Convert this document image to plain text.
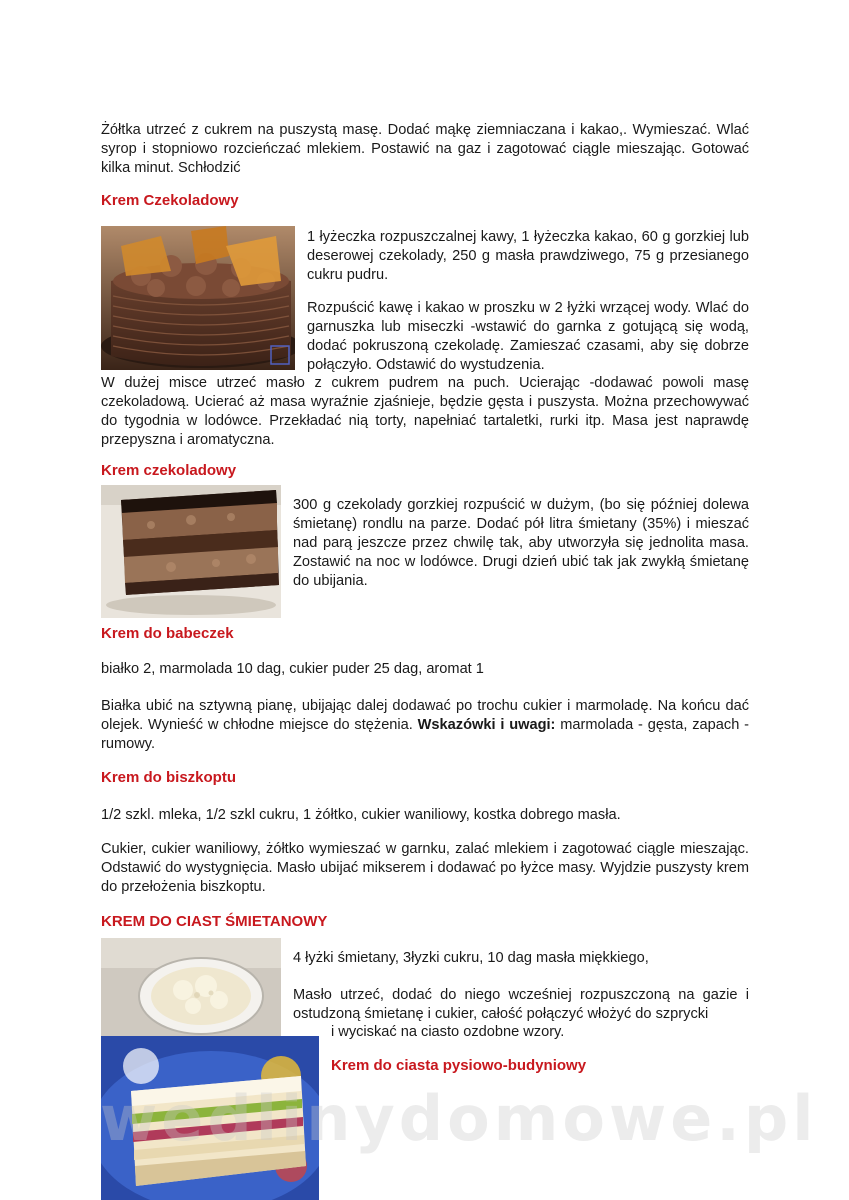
Żółtka utrzeć z cukrem na puszystą masę. Dodać mąkę ziemniaczana i kakao,. Wymieszać. Wlać syrop i stopniowo rozcieńczać mlekiem. Postawić na gaz i zagotować ciągle mieszając. Gotować kilka minut. Schłodzić
Krem Czekoladowy
1 łyżeczka rozpuszczalnej kawy, 1 łyżeczka kakao, 60 g gorzkiej lub deserowej czekolady, 250 g masła prawdziwego, 75 g przesianego cukru pudru.
Rozpuścić kawę i kakao w proszku w 2 łyżki wrzącej wody. Wlać do garnuszka lub miseczki -wstawić do garnka z gotującą się wodą, dodać pokruszoną czekoladę. Zamieszać czasami, aby się dobrze połączyło. Odstawić do wystudzenia.
W dużej misce utrzeć masło z cukrem pudrem na puch. Ucierając -dodawać powoli masę czekoladową. Ucierać aż masa wyraźnie zjaśnieje, będzie gęsta i puszysta. Można przechowywać do tygodnia w lodówce. Przekładać nią torty, napełniać tartaletki, rurki itp. Masa jest naprawdę przepyszna i aromatyczna.
Krem czekoladowy
300 g czekolady gorzkiej rozpuścić w dużym, (bo się później dolewa śmietanę) rondlu na parze. Dodać pół litra śmietany (35%) i mieszać nad parą jeszcze przez chwilę tak, aby utworzyła się jednolita masa. Zostawić na noc w lodówce. Drugi dzień ubić tak jak zwykłą śmietanę do ubijania.
Krem do babeczek
białko 2, marmolada 10 dag, cukier puder 25 dag, aromat 1
Białka ubić na sztywną pianę, ubijając dalej dodawać po trochu cukier i marmoladę. Na końcu dać olejek. Wynieść w chłodne miejsce do stężenia. Wskazówki i uwagi: marmolada - gęsta, zapach - rumowy.
Krem do biszkoptu
1/2 szkl. mleka, 1/2 szkl cukru, 1 żółtko, cukier waniliowy, kostka dobrego masła.
Cukier, cukier waniliowy, żółtko wymieszać w garnku, zalać mlekiem i zagotować ciągle mieszając. Odstawić do wystygnięcia. Masło ubijać mikserem i dodawać po łyżce masy. Wyjdzie puszysty krem do przełożenia biszkoptu.
KREM DO CIAST ŚMIETANOWY
4 łyżki śmietany, 3łyzki cukru, 10 dag masła miękkiego,
Masło utrzeć, dodać do niego wcześniej rozpuszczoną na gazie i ostudzoną śmietanę i cukier, całość połączyć włożyć do szprycki
i wyciskać na ciasto ozdobne wzory.
Krem do ciasta pysiowo-budyniowy
wedlinydomowe.pl
